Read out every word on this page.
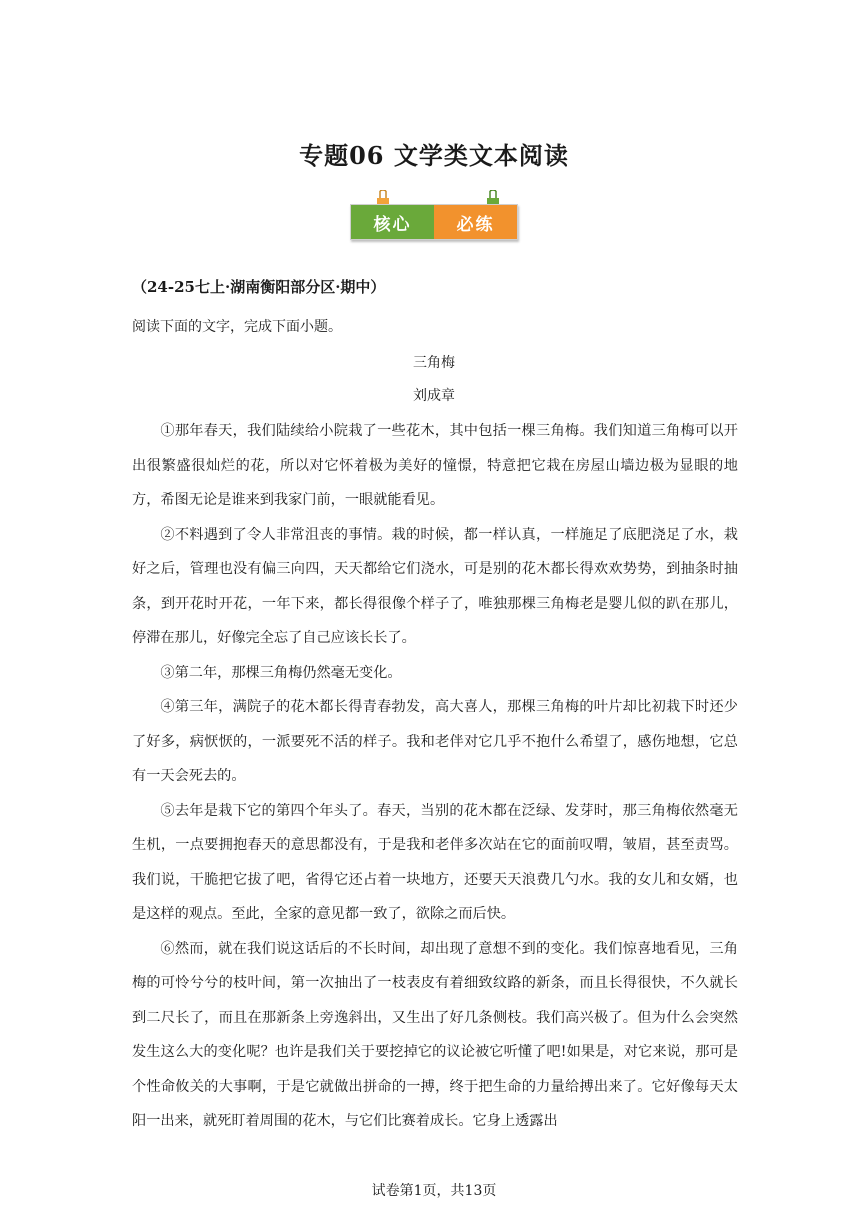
专题06 文学类文本阅读
核心	必练
（24-25七上·湖南衡阳部分区·期中）
阅读下面的文字，完成下面小题。
三角梅
刘成章

①那年春天，我们陆续给小院栽了一些花木，其中包括一棵三角梅。我们知道三角梅可以开出很繁盛很灿烂的花，所以对它怀着极为美好的憧憬，特意把它栽在房屋山墙边极为显眼的地方，希图无论是谁来到我家门前，一眼就能看见。

②不料遇到了令人非常沮丧的事情。栽的时候，都一样认真，一样施足了底肥浇足了水，栽好之后，管理也没有偏三向四，天天都给它们浇水，可是别的花木都长得欢欢势势，到抽条时抽条，到开花时开花，一年下来，都长得很像个样子了，唯独那棵三角梅老是婴儿似的趴在那儿，停滞在那儿，好像完全忘了自己应该长长了。

③第二年，那棵三角梅仍然毫无变化。

④第三年，满院子的花木都长得青春勃发，高大喜人，那棵三角梅的叶片却比初栽下时还少了好多，病恹恹的，一派要死不活的样子。我和老伴对它几乎不抱什么希望了，感伤地想，它总有一天会死去的。

⑤去年是栽下它的第四个年头了。春天，当别的花木都在泛绿、发芽时，那三角梅依然毫无生机，一点要拥抱春天的意思都没有，于是我和老伴多次站在它的面前叹喟，皱眉，甚至责骂。我们说，干脆把它拔了吧，省得它还占着一块地方，还要天天浪费几勺水。我的女儿和女婿，也是这样的观点。至此，全家的意见都一致了，欲除之而后快。

⑥然而，就在我们说这话后的不长时间，却出现了意想不到的变化。我们惊喜地看见，三角梅的可怜兮兮的枝叶间，第一次抽出了一枝表皮有着细致纹路的新条，而且长得很快，不久就长到二尺长了，而且在那新条上旁逸斜出，又生出了好几条侧枝。我们高兴极了。但为什么会突然发生这么大的变化呢？也许是我们关于要挖掉它的议论被它听懂了吧!如果是，对它来说，那可是个性命攸关的大事啊，于是它就做出拼命的一搏，终于把生命的力量给搏出来了。它好像每天太阳一出来，就死盯着周围的花木，与它们比赛着成长。它身上透露出

试卷第1页，共13页
